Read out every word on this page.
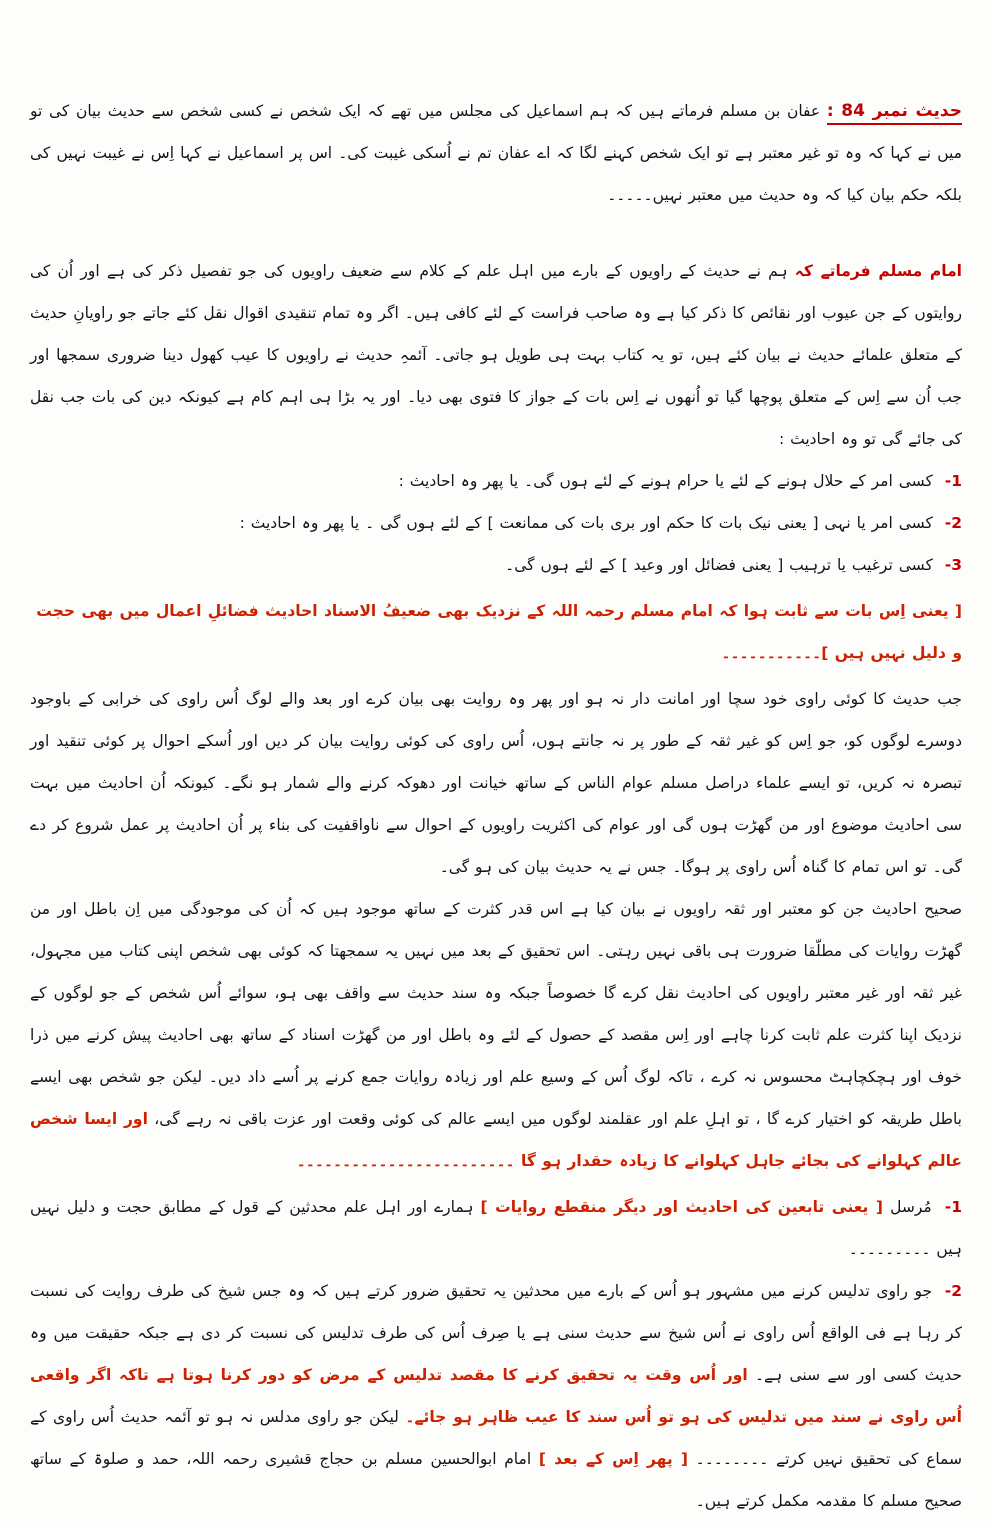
حدیث نمبر 84 : عفان بن مسلم فرماتے ہیں کہ ہم اسماعیل کی مجلس میں تھے کہ ایک شخص نے کسی شخص سے حدیث بیان کی تو میں نے کہا کہ وہ تو غیر معتبر ہے تو ایک شخص کہنے لگا کہ اے عفان تم نے اُسکی غیبت کی۔ اس پر اسماعیل نے کہا اِس نے غیبت نہیں کی بلکہ حکم بیان کیا کہ وہ حدیث میں معتبر نہیں۔۔۔۔۔

امام مسلم فرماتے کہ ہم نے حدیث کے راویوں کے بارے میں اہل علم کے کلام سے ضعیف راویوں کی جو تفصیل ذکر کی ہے اور اُن کی روایتوں کے جن عیوب اور نقائص کا ذکر کیا ہے وہ صاحب فراست کے لئے کافی ہیں۔ اگر وہ تمام تنقیدی اقوال نقل کئے جاتے جو راویانِ حدیث کے متعلق علمائے حدیث نے بیان کئے ہیں، تو یہ کتاب بہت ہی طویل ہو جاتی۔ آئمہِ حدیث نے راویوں کا عیب کھول دینا ضروری سمجھا اور جب اُن سے اِس کے متعلق پوچھا گیا تو اُنھوں نے اِس بات کے جواز کا فتوی بھی دیا۔ اور یہ بڑا ہی اہم کام ہے کیونکہ دین کی بات جب نقل کی جائے گی تو وہ احادیث :

1- کسی امر کے حلال ہونے کے لئے یا حرام ہونے کے لئے ہوں گی۔ یا پھر وہ احادیث :

2- کسی امر یا نہی [ یعنی نیک بات کا حکم اور بری بات کی ممانعت ] کے لئے ہوں گی ۔ یا پھر وہ احادیث :

3- کسی ترغیب یا ترہیب [ یعنی فضائل اور وعید ] کے لئے ہوں گی۔

[ یعنی اِس بات سے ثابت ہوا کہ امام مسلم رحمہ اللہ کے نزدیک بھی ضعیفُ الاسناد احادیث فضائلِ اعمال میں بھی حجت و دلیل نہیں ہیں ]۔۔۔۔۔۔۔۔۔۔۔

جب حدیث کا کوئی راوی خود سچا اور امانت دار نہ ہو اور پھر وہ روایت بھی بیان کرے اور بعد والے لوگ اُس راوی کی خرابی کے باوجود دوسرے لوگوں کو، جو اِس کو غیر ثقہ کے طور پر نہ جانتے ہوں، اُس راوی کی کوئی روایت بیان کر دیں اور اُسکے احوال پر کوئی تنقید اور تبصرہ نہ کریں، تو ایسے علماء دراصل مسلم عوام الناس کے ساتھ خیانت اور دھوکہ کرنے والے شمار ہو نگے۔ کیونکہ اُن احادیث میں بہت سی احادیث موضوع اور من گھڑت ہوں گی اور عوام کی اکثریت راویوں کے احوال سے ناواقفیت کی بناء پر اُن احادیث پر عمل شروع کر دے گی۔ تو اس تمام کا گناہ اُس راوی پر ہوگا۔ جس نے یہ حدیث بیان کی ہو گی۔

صحیح احادیث جن کو معتبر اور ثقہ راویوں نے بیان کیا ہے اس قدر کثرت کے ساتھ موجود ہیں کہ اُن کی موجودگی میں اِن باطل اور من گھڑت روایات کی مطلّقا ضرورت ہی باقی نہیں رہتی۔ اس تحقیق کے بعد میں نہیں یہ سمجھتا کہ کوئی بھی شخص اپنی کتاب میں مجہول، غیر ثقہ اور غیر معتبر راویوں کی احادیث نقل کرے گا خصوصاً جبکہ وہ سند حدیث سے واقف بھی ہو، سوائے اُس شخص کے جو لوگوں کے نزدیک اپنا کثرت علم ثابت کرنا چاہے اور اِس مقصد کے حصول کے لئے وہ باطل اور من گھڑت اسناد کے ساتھ بھی احادیث پیش کرنے میں ذرا خوف اور ہچکچاہٹ محسوس نہ کرے ، تاکہ لوگ اُس کے وسیع علم اور زیادہ روایات جمع کرنے پر اُسے داد دیں۔ لیکن جو شخص بھی ایسے باطل طریقہ کو اختیار کرے گا ، تو اہلِ علم اور عقلمند لوگوں میں ایسے عالم کی کوئی وقعت اور عزت باقی نہ رہے گی، اور ایسا شخص عالم کہلوانے کی بجائے جاہل کہلوانے کا زیادہ حقدار ہو گا ۔۔۔۔۔۔۔۔۔۔۔۔۔۔۔۔۔۔۔۔۔۔۔۔

1- مُرسل [ یعنی تابعین کی احادیث اور دیگر منقطع روایات ] ہمارے اور اہل علم محدثین کے قول کے مطابق حجت و دلیل نہیں ہیں ۔۔۔۔۔۔۔۔۔

2- جو راوی تدلیس کرنے میں مشہور ہو اُس کے بارے میں محدثین یہ تحقیق ضرور کرتے ہیں کہ وہ جس شیخ کی طرف روایت کی نسبت کر رہا ہے فی الواقع اُس راوی نے اُس شیخ سے حدیث سنی ہے یا صِرف اُس کی طرف تدلیس کی نسبت کر دی ہے جبکہ حقیقت میں وہ حدیث کسی اور سے سنی ہے۔ اور اُس وقت یہ تحقیق کرنے کا مقصد تدلیس کے مرض کو دور کرنا ہوتا ہے تاکہ اگر واقعی اُس راوی نے سند میں تدلیس کی ہو تو اُس سند کا عیب ظاہر ہو جائے۔ لیکن جو راوی مدلس نہ ہو تو آئمہ حدیث اُس راوی کے سماع کی تحقیق نہیں کرتے ۔۔۔۔۔۔۔۔ [ پھر اِس کے بعد ] امام ابوالحسین مسلم بن حجاج قشیری رحمہ اللہ، حمد و صلوۃ کے ساتھ صحیح مسلم کا مقدمہ مکمل کرتے ہیں۔
